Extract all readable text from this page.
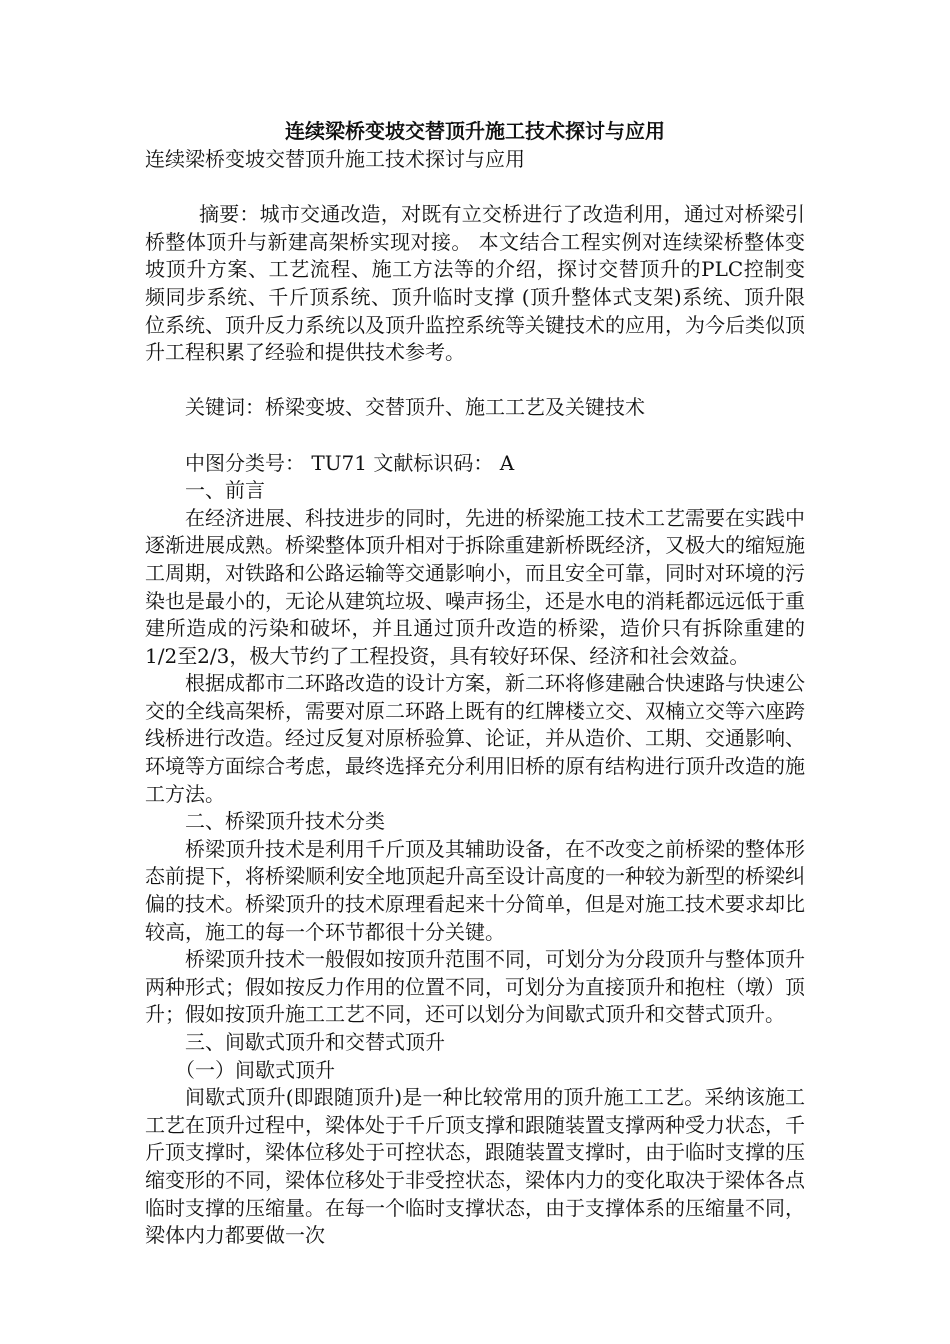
连续梁桥变坡交替顶升施工技术探讨与应用

连续梁桥变坡交替顶升施工技术探讨与应用

摘要：城市交通改造，对既有立交桥进行了改造利用，通过对桥梁引桥整体顶升与新建高架桥实现对接。 本文结合工程实例对连续梁桥整体变坡顶升方案、工艺流程、施工方法等的介绍，探讨交替顶升的PLC控制变频同步系统、千斤顶系统、顶升临时支撑 (顶升整体式支架)系统、顶升限位系统、顶升反力系统以及顶升监控系统等关键技术的应用，为今后类似顶升工程积累了经验和提供技术参考。

关键词：桥梁变坡、交替顶升、施工工艺及关键技术

中图分类号： TU71 文献标识码： A

一、前言

在经济进展、科技进步的同时，先进的桥梁施工技术工艺需要在实践中逐渐进展成熟。桥梁整体顶升相对于拆除重建新桥既经济，又极大的缩短施工周期，对铁路和公路运输等交通影响小，而且安全可靠，同时对环境的污染也是最小的，无论从建筑垃圾、噪声扬尘，还是水电的消耗都远远低于重建所造成的污染和破坏，并且通过顶升改造的桥梁，造价只有拆除重建的1/2至2/3，极大节约了工程投资，具有较好环保、经济和社会效益。

根据成都市二环路改造的设计方案，新二环将修建融合快速路与快速公交的全线高架桥，需要对原二环路上既有的红牌楼立交、双楠立交等六座跨线桥进行改造。经过反复对原桥验算、论证，并从造价、工期、交通影响、环境等方面综合考虑，最终选择充分利用旧桥的原有结构进行顶升改造的施工方法。

二、桥梁顶升技术分类

桥梁顶升技术是利用千斤顶及其辅助设备，在不改变之前桥梁的整体形态前提下，将桥梁顺利安全地顶起升高至设计高度的一种较为新型的桥梁纠偏的技术。桥梁顶升的技术原理看起来十分简单，但是对施工技术要求却比较高，施工的每一个环节都很十分关键。

桥梁顶升技术一般假如按顶升范围不同，可划分为分段顶升与整体顶升两种形式；假如按反力作用的位置不同，可划分为直接顶升和抱柱（墩）顶升；假如按顶升施工工艺不同，还可以划分为间歇式顶升和交替式顶升。

三、间歇式顶升和交替式顶升

（一）间歇式顶升

间歇式顶升(即跟随顶升)是一种比较常用的顶升施工工艺。采纳该施工工艺在顶升过程中，梁体处于千斤顶支撑和跟随装置支撑两种受力状态，千斤顶支撑时，梁体位移处于可控状态，跟随装置支撑时，由于临时支撑的压缩变形的不同，梁体位移处于非受控状态，梁体内力的变化取决于梁体各点临时支撑的压缩量。在每一个临时支撑状态，由于支撑体系的压缩量不同，梁体内力都要做一次
